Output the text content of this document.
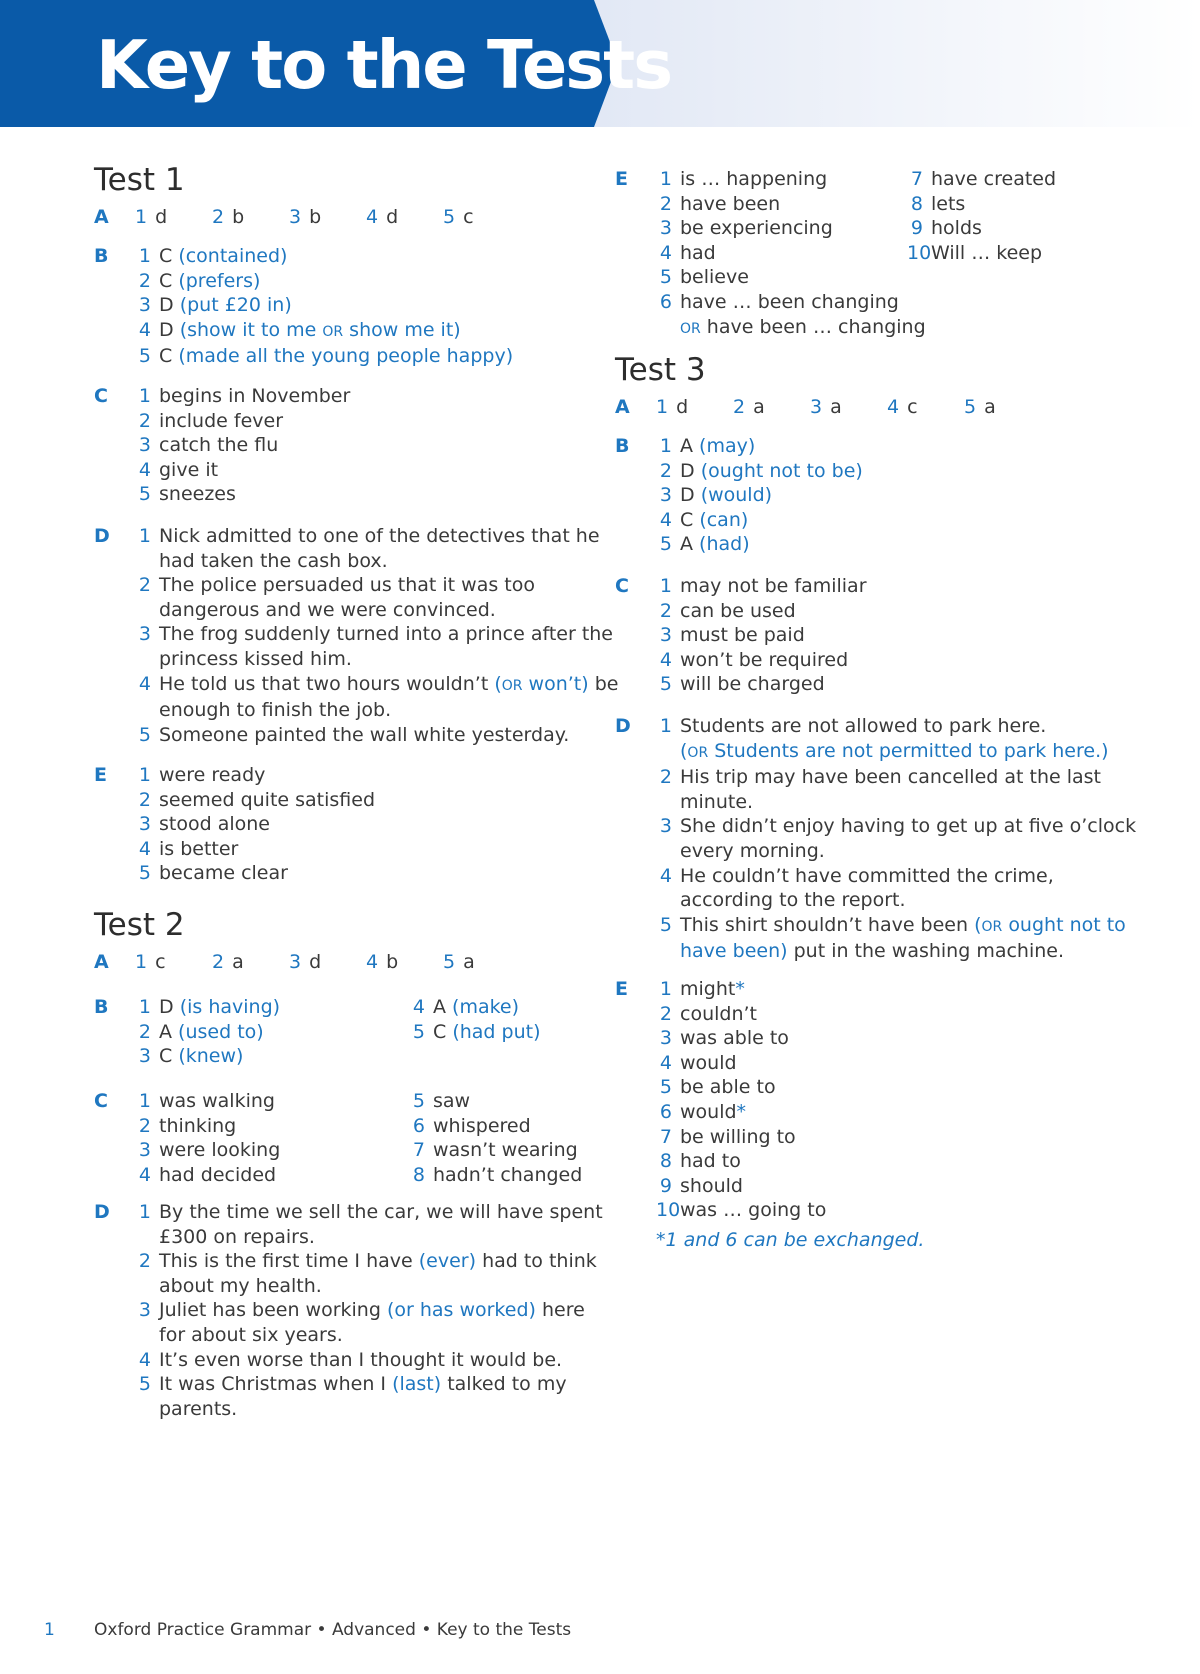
Key to the Tests
Test 1
A 1 d 2 b 3 b 4 d 5 c
B 1 C (contained)
2 C (prefers)
3 D (put £20 in)
4 D (show it to me OR show me it)
5 C (made all the young people happy)
C 1 begins in November
2 include fever
3 catch the flu
4 give it
5 sneezes
D 1 Nick admitted to one of the detectives that he
had taken the cash box.
2 The police persuaded us that it was too
dangerous and we were convinced.
3 The frog suddenly turned into a prince after the
princess kissed him.
4 He told us that two hours wouldn’t (OR won’t) be
enough to finish the job.
5 Someone painted the wall white yesterday.
E 1 were ready
2 seemed quite satisfied
3 stood alone
4 is better
5 became clear
Test 2
A 1 c 2 a 3 d 4 b 5 a
B 1 D (is having)
2 A (used to)
3 C (knew)
4 A (make)
5 C (had put)
C 1 was walking
2 thinking
3 were looking
4 had decided
5 saw
6 whispered
7 wasn’t wearing
8 hadn’t changed
D 1 By the time we sell the car, we will have spent
£300 on repairs.
2 This is the first time I have (ever) had to think
about my health.
3 Juliet has been working (or has worked) here
for about six years.
4 It’s even worse than I thought it would be.
5 It was Christmas when I (last) talked to my
parents.
E 1 is … happening
2 have been
3 be experiencing
4 had
5 believe
6 have … been changing
OR have been … changing
7 have created
8 lets
9 holds
10 Will … keep
Test 3
A 1 d 2 a 3 a 4 c 5 a
B 1 A (may)
2 D (ought not to be)
3 D (would)
4 C (can)
5 A (had)
C 1 may not be familiar
2 can be used
3 must be paid
4 won’t be required
5 will be charged
D 1 Students are not allowed to park here.
(OR Students are not permitted to park here.)
2 His trip may have been cancelled at the last
minute.
3 She didn’t enjoy having to get up at five o’clock
every morning.
4 He couldn’t have committed the crime,
according to the report.
5 This shirt shouldn’t have been (OR ought not to
have been) put in the washing machine.
E 1 might*
2 couldn’t
3 was able to
4 would
5 be able to
6 would*
7 be willing to
8 had to
9 should
10 was … going to
*1 and 6 can be exchanged.
1 Oxford Practice Grammar • Advanced • Key to the Tests
